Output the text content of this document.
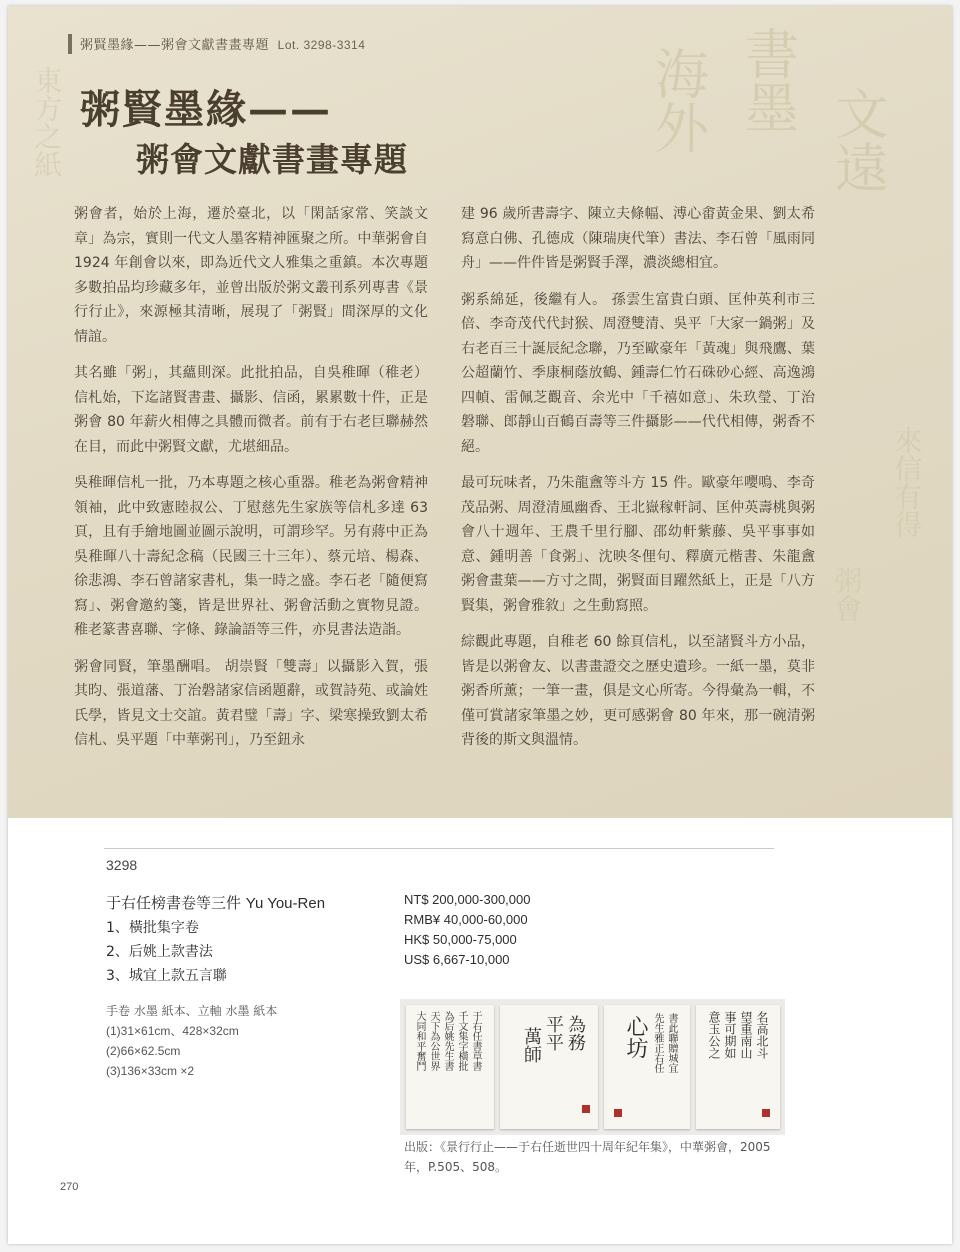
海外 書墨
文遠
東方之紙
來信有得
粥會
粥賢墨緣——粥會文獻書畫專題 Lot. 3298-3314
粥賢墨緣——
粥會文獻書畫專題

粥會者，始於上海，遷於臺北，以「閑話家常、笑談文章」為宗，實則一代文人墨客精神匯聚之所。中華粥會自 1924 年創會以來，即為近代文人雅集之重鎮。本次專題多數拍品均珍藏多年，並曾出版於粥文叢刊系列專書《景行行止》，來源極其清晰，展現了「粥賢」間深厚的文化情誼。

其名雖「粥」，其蘊則深。此批拍品，自吳稚暉（稚老）信札始，下迄諸賢書畫、攝影、信函，累累數十件，正是粥會 80 年薪火相傳之具體而微者。前有于右老巨聯赫然在目，而此中粥賢文獻，尤堪細品。

吳稚暉信札一批，乃本專題之核心重器。稚老為粥會精神領袖，此中致憲睦叔公、丁慰慈先生家族等信札多達 63 頁，且有手繪地圖並圖示說明，可謂珍罕。另有蔣中正為吳稚暉八十壽紀念稿（民國三十三年）、蔡元培、楊森、徐悲鴻、李石曾諸家書札，集一時之盛。李石老「隨便寫寫」、粥會邀約箋，皆是世界社、粥會活動之實物見證。稚老篆書喜聯、字條、錄論語等三件，亦見書法造詣。

粥會同賢，筆墨酬唱。 胡崇賢「雙壽」以攝影入賀，張其昀、張道藩、丁治磐諸家信函題辭，或賀詩苑、或論姓氏學，皆見文士交誼。黃君璧「壽」字、梁寒操致劉太希信札、吳平題「中華粥刊」，乃至鈕永

建 96 歲所書壽字、陳立夫條幅、溥心畬黃金果、劉太希寫意白佛、孔德成（陳瑞庚代筆）書法、李石曾「風雨同舟」——件件皆是粥賢手澤，濃淡總相宜。

粥系綿延，後繼有人。 孫雲生富貴白頭、匡仲英利市三倍、李奇茂代代封猴、周澄雙清、吳平「大家一鍋粥」及右老百三十誕辰紀念聯，乃至歐豪年「黃魂」與飛鷹、葉公超蘭竹、季康桐蔭放鶴、鍾壽仁竹石硃砂心經、高逸鴻四幀、雷佩芝觀音、余光中「千禧如意」、朱玖瑩、丁治磐聯、郎靜山百鶴百壽等三件攝影——代代相傳，粥香不絕。

最可玩味者，乃朱龍盦等斗方 15 件。歐豪年嚶鳴、李奇茂品粥、周澄清風幽香、王北嶽稼軒詞、匡仲英壽桃與粥會八十週年、王農千里行腳、邵幼軒紫藤、吳平事事如意、鍾明善「食粥」、沈映冬俚句、釋廣元楷書、朱龍盦粥會畫葉——方寸之間，粥賢面目躍然紙上，正是「八方賢集，粥會雅敘」之生動寫照。

綜觀此專題，自稚老 60 餘頁信札，以至諸賢斗方小品，皆是以粥會友、以書畫證交之歷史遺珍。一紙一墨，莫非粥香所薰；一筆一畫，俱是文心所寄。今得彙為一輯，不僅可賞諸家筆墨之妙，更可感粥會 80 年來，那一碗清粥背後的斯文與溫情。

3298
于右任榜書卷等三件 Yu You-Ren
1、橫批集字卷
2、后姚上款書法
3、城宜上款五言聯
NT$ 200,000-300,000
RMB¥ 40,000-60,000
HK$ 50,000-75,000
US$ 6,667-10,000
手卷 水墨 紙本、立軸 水墨 紙本
(1)31×61cm、428×32cm
(2)66×62.5cm
(3)136×33cm ×2	于右任書草書
千文集字橫批
為后姚先生書
天下為公世界
大同和平奮鬥	為務
平平
萬師	書此聯贈城宜
先生雅正右任
心坊	名高北斗
望重南山
事可期如
意玉公之
出版：《景行行止——于右任逝世四十周年紀年集》，中華粥會，2005 年，P.505、508。
270
